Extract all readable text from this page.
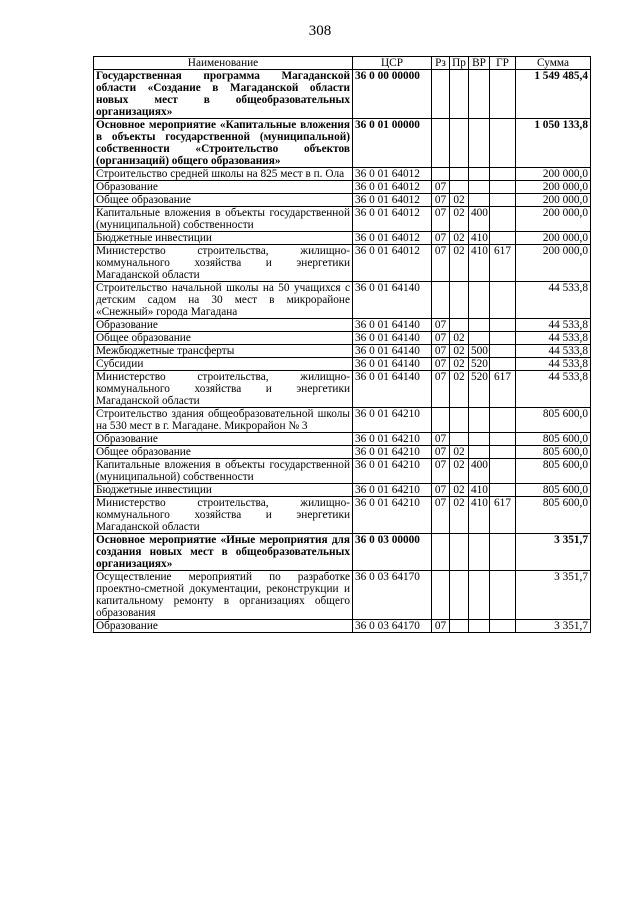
308
Наименование	ЦСР	Рз	Пр	ВР	ГР	Сумма
Государственная программа Магаданской области «Создание в Магаданской области новых мест в общеобразовательных организациях»	36 0 00 00000					1 549 485,4
Основное мероприятие «Капитальные вложения в объекты государственной (муниципальной) собственности «Строительство объектов (организаций) общего образования»	36 0 01 00000					1 050 133,8
Строительство средней школы на 825 мест в п. Ола	36 0 01 64012					200 000,0
Образование	36 0 01 64012	07				200 000,0
Общее образование	36 0 01 64012	07	02			200 000,0
Капитальные вложения в объекты государственной (муниципальной) собственности	36 0 01 64012	07	02	400		200 000,0
Бюджетные инвестиции	36 0 01 64012	07	02	410		200 000,0
Министерство строительства, жилищно-коммунального хозяйства и энергетики Магаданской области	36 0 01 64012	07	02	410	617	200 000,0
Строительство начальной школы на 50 учащихся с детским садом на 30 мест в микрорайоне «Снежный» города Магадана	36 0 01 64140					44 533,8
Образование	36 0 01 64140	07				44 533,8
Общее образование	36 0 01 64140	07	02			44 533,8
Межбюджетные трансферты	36 0 01 64140	07	02	500		44 533,8
Субсидии	36 0 01 64140	07	02	520		44 533,8
Министерство строительства, жилищно-коммунального хозяйства и энергетики Магаданской области	36 0 01 64140	07	02	520	617	44 533,8
Строительство здания общеобразовательной школы на 530 мест в г. Магадане. Микрорайон № 3	36 0 01 64210					805 600,0
Образование	36 0 01 64210	07				805 600,0
Общее образование	36 0 01 64210	07	02			805 600,0
Капитальные вложения в объекты государственной (муниципальной) собственности	36 0 01 64210	07	02	400		805 600,0
Бюджетные инвестиции	36 0 01 64210	07	02	410		805 600,0
Министерство строительства, жилищно-коммунального хозяйства и энергетики Магаданской области	36 0 01 64210	07	02	410	617	805 600,0
Основное мероприятие «Иные мероприятия для создания новых мест в общеобразовательных организациях»	36 0 03 00000					3 351,7
Осуществление мероприятий по разработке проектно-сметной документации, реконструкции и капитальному ремонту в организациях общего образования	36 0 03 64170					3 351,7
Образование	36 0 03 64170	07				3 351,7
